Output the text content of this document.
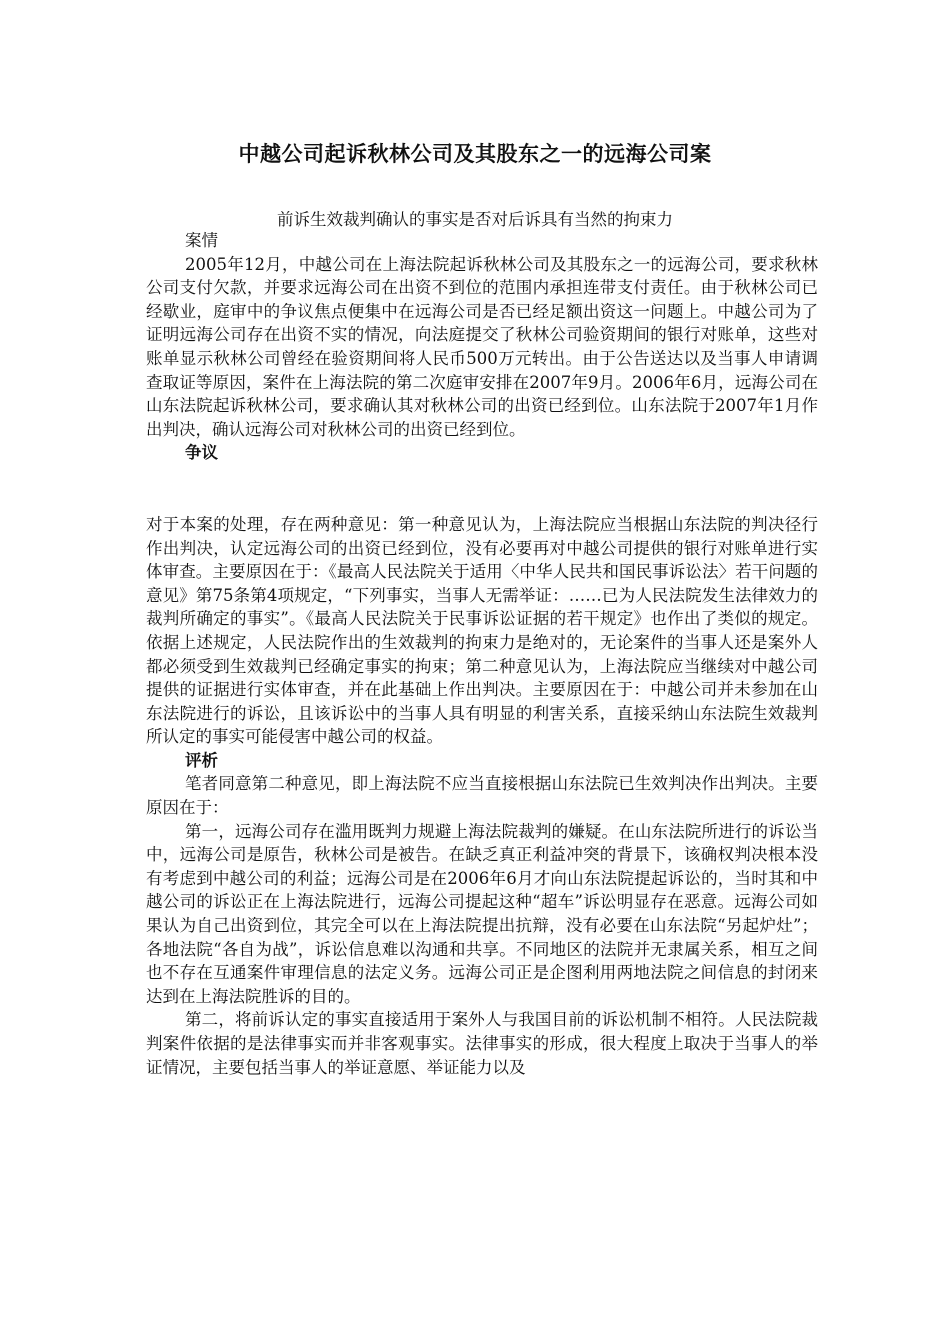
中越公司起诉秋林公司及其股东之一的远海公司案
前诉生效裁判确认的事实是否对后诉具有当然的拘束力

案情

2005年12月，中越公司在上海法院起诉秋林公司及其股东之一的远海公司，要求秋林公司支付欠款，并要求远海公司在出资不到位的范围内承担连带支付责任。由于秋林公司已经歇业，庭审中的争议焦点便集中在远海公司是否已经足额出资这一问题上。中越公司为了证明远海公司存在出资不实的情况，向法庭提交了秋林公司验资期间的银行对账单，这些对账单显示秋林公司曾经在验资期间将人民币500万元转出。由于公告送达以及当事人申请调查取证等原因，案件在上海法院的第二次庭审安排在2007年9月。2006年6月，远海公司在山东法院起诉秋林公司，要求确认其对秋林公司的出资已经到位。山东法院于2007年1月作出判决，确认远海公司对秋林公司的出资已经到位。

争议

对于本案的处理，存在两种意见：第一种意见认为，上海法院应当根据山东法院的判决径行作出判决，认定远海公司的出资已经到位，没有必要再对中越公司提供的银行对账单进行实体审查。主要原因在于：《最高人民法院关于适用〈中华人民共和国民事诉讼法〉若干问题的意见》第75条第4项规定，“下列事实，当事人无需举证：……已为人民法院发生法律效力的裁判所确定的事实”。《最高人民法院关于民事诉讼证据的若干规定》也作出了类似的规定。依据上述规定，人民法院作出的生效裁判的拘束力是绝对的，无论案件的当事人还是案外人都必须受到生效裁判已经确定事实的拘束；第二种意见认为，上海法院应当继续对中越公司提供的证据进行实体审查，并在此基础上作出判决。主要原因在于：中越公司并未参加在山东法院进行的诉讼，且该诉讼中的当事人具有明显的利害关系，直接采纳山东法院生效裁判所认定的事实可能侵害中越公司的权益。

评析

笔者同意第二种意见，即上海法院不应当直接根据山东法院已生效判决作出判决。主要原因在于：

第一，远海公司存在滥用既判力规避上海法院裁判的嫌疑。在山东法院所进行的诉讼当中，远海公司是原告，秋林公司是被告。在缺乏真正利益冲突的背景下，该确权判决根本没有考虑到中越公司的利益；远海公司是在2006年6月才向山东法院提起诉讼的，当时其和中越公司的诉讼正在上海法院进行，远海公司提起这种“超车”诉讼明显存在恶意。远海公司如果认为自己出资到位，其完全可以在上海法院提出抗辩，没有必要在山东法院“另起炉灶”；各地法院“各自为战”，诉讼信息难以沟通和共享。不同地区的法院并无隶属关系，相互之间也不存在互通案件审理信息的法定义务。远海公司正是企图利用两地法院之间信息的封闭来达到在上海法院胜诉的目的。

第二，将前诉认定的事实直接适用于案外人与我国目前的诉讼机制不相符。人民法院裁判案件依据的是法律事实而并非客观事实。法律事实的形成，很大程度上取决于当事人的举证情况，主要包括当事人的举证意愿、举证能力以及
